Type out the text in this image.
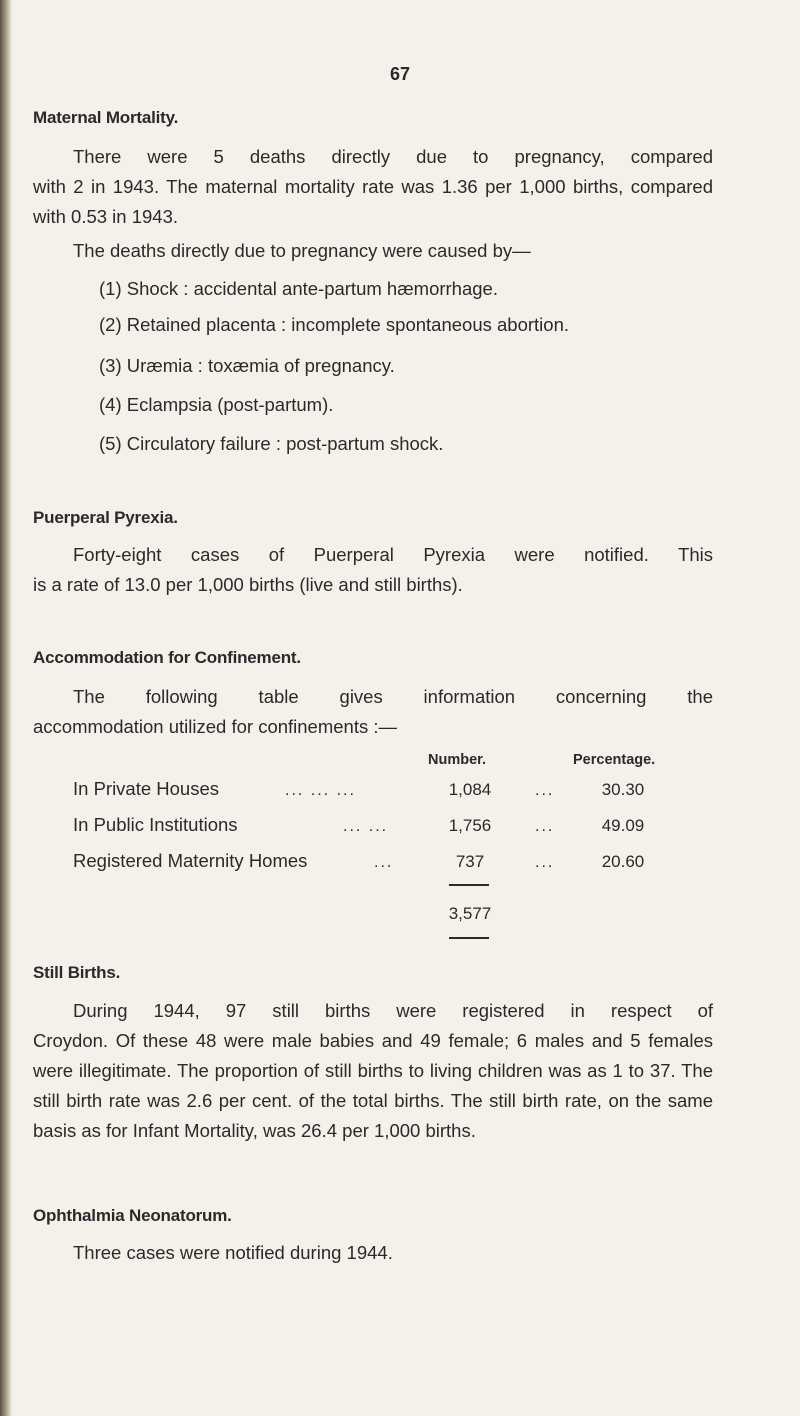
67
Maternal Mortality.

There were 5 deaths directly due to pregnancy, compared
with 2 in 1943. The maternal mortality rate was 1.36 per 1,000 births, compared with 0.53 in 1943.

The deaths directly due to pregnancy were caused by—

(1) Shock : accidental ante-partum hæmorrhage.
(2) Retained placenta : incomplete spontaneous abortion.
(3) Uræmia : toxæmia of pregnancy.
(4) Eclampsia (post-partum).
(5) Circulatory failure : post-partum shock.
Puerperal Pyrexia.

Forty-eight cases of Puerperal Pyrexia were notified. This
is a rate of 13.0 per 1,000 births (live and still births).

Accommodation for Confinement.

The following table gives information concerning the
accommodation utilized for confinements :—

Number.	Percentage.
In Private Houses	... ... ...	1,084	...	30.30
In Public Institutions	... ...	1,756	...	49.09
Registered Maternity Homes	...	737	...	20.60
3,577
Still Births.

During 1944, 97 still births were registered in respect of
Croydon. Of these 48 were male babies and 49 female; 6 males and 5 females were illegitimate. The proportion of still births to living children was as 1 to 37. The still birth rate was 2.6 per cent. of the total births. The still birth rate, on the same basis as for Infant Mortality, was 26.4 per 1,000 births.

Ophthalmia Neonatorum.

Three cases were notified during 1944.
